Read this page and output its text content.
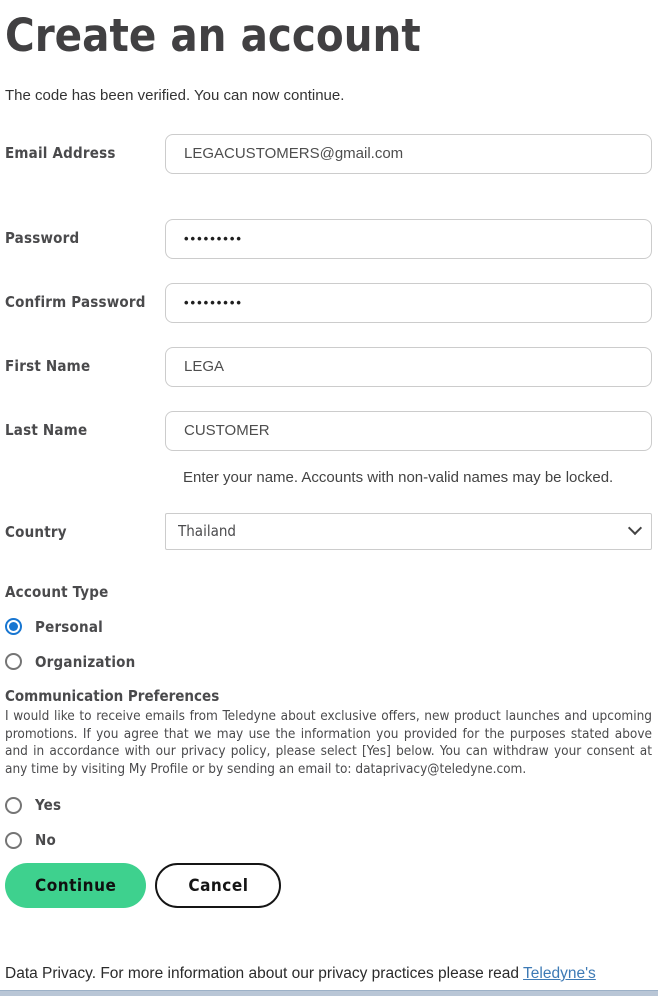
Create an account
The code has been verified. You can now continue.
Email Address
LEGACUSTOMERS@gmail.com
Password
•••••••••
Confirm Password
•••••••••
First Name
LEGA
Last Name
CUSTOMER
Enter your name. Accounts with non-valid names may be locked.
Country
Thailand
Account Type
Personal
Organization
Communication Preferences
I would like to receive emails from Teledyne about exclusive offers, new product launches and upcoming promotions. If you agree that we may use the information you provided for the purposes stated above and in accordance with our privacy policy, please select [Yes] below. You can withdraw your consent at any time by visiting My Profile or by sending an email to: dataprivacy@teledyne.com.
Yes
No
Continue	Cancel
Data Privacy. For more information about our privacy practices please read Teledyne's
